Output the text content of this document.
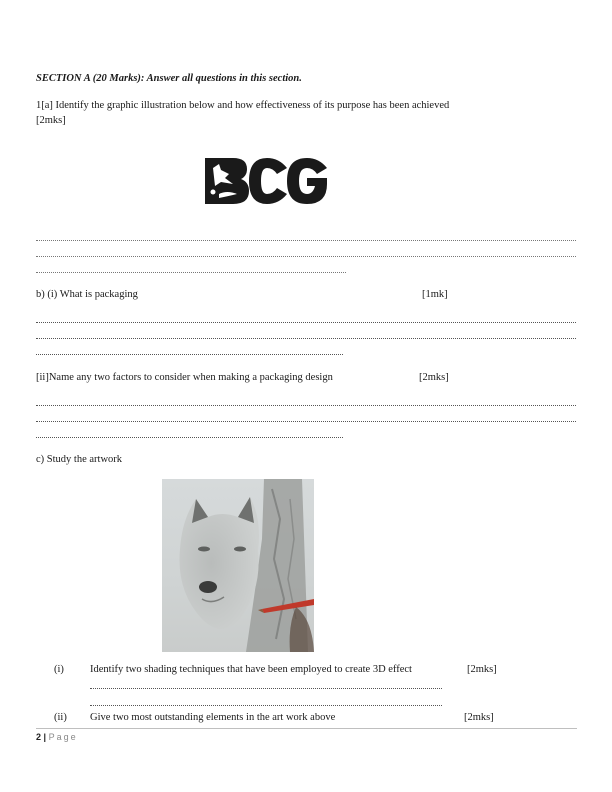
SECTION A (20 Marks): Answer all questions in this section.
1[a] Identify the graphic illustration below and how effectiveness of its purpose has been achieved
[2mks]
b) (i) What is packaging	[1mk]
[ii]Name any two factors to consider when making a packaging design	[2mks]
c) Study the artwork
(i) Identify two shading techniques that have been employed to create 3D effect	[2mks]
(ii) Give two most outstanding elements in the art work above	[2mks]
2 | Page
